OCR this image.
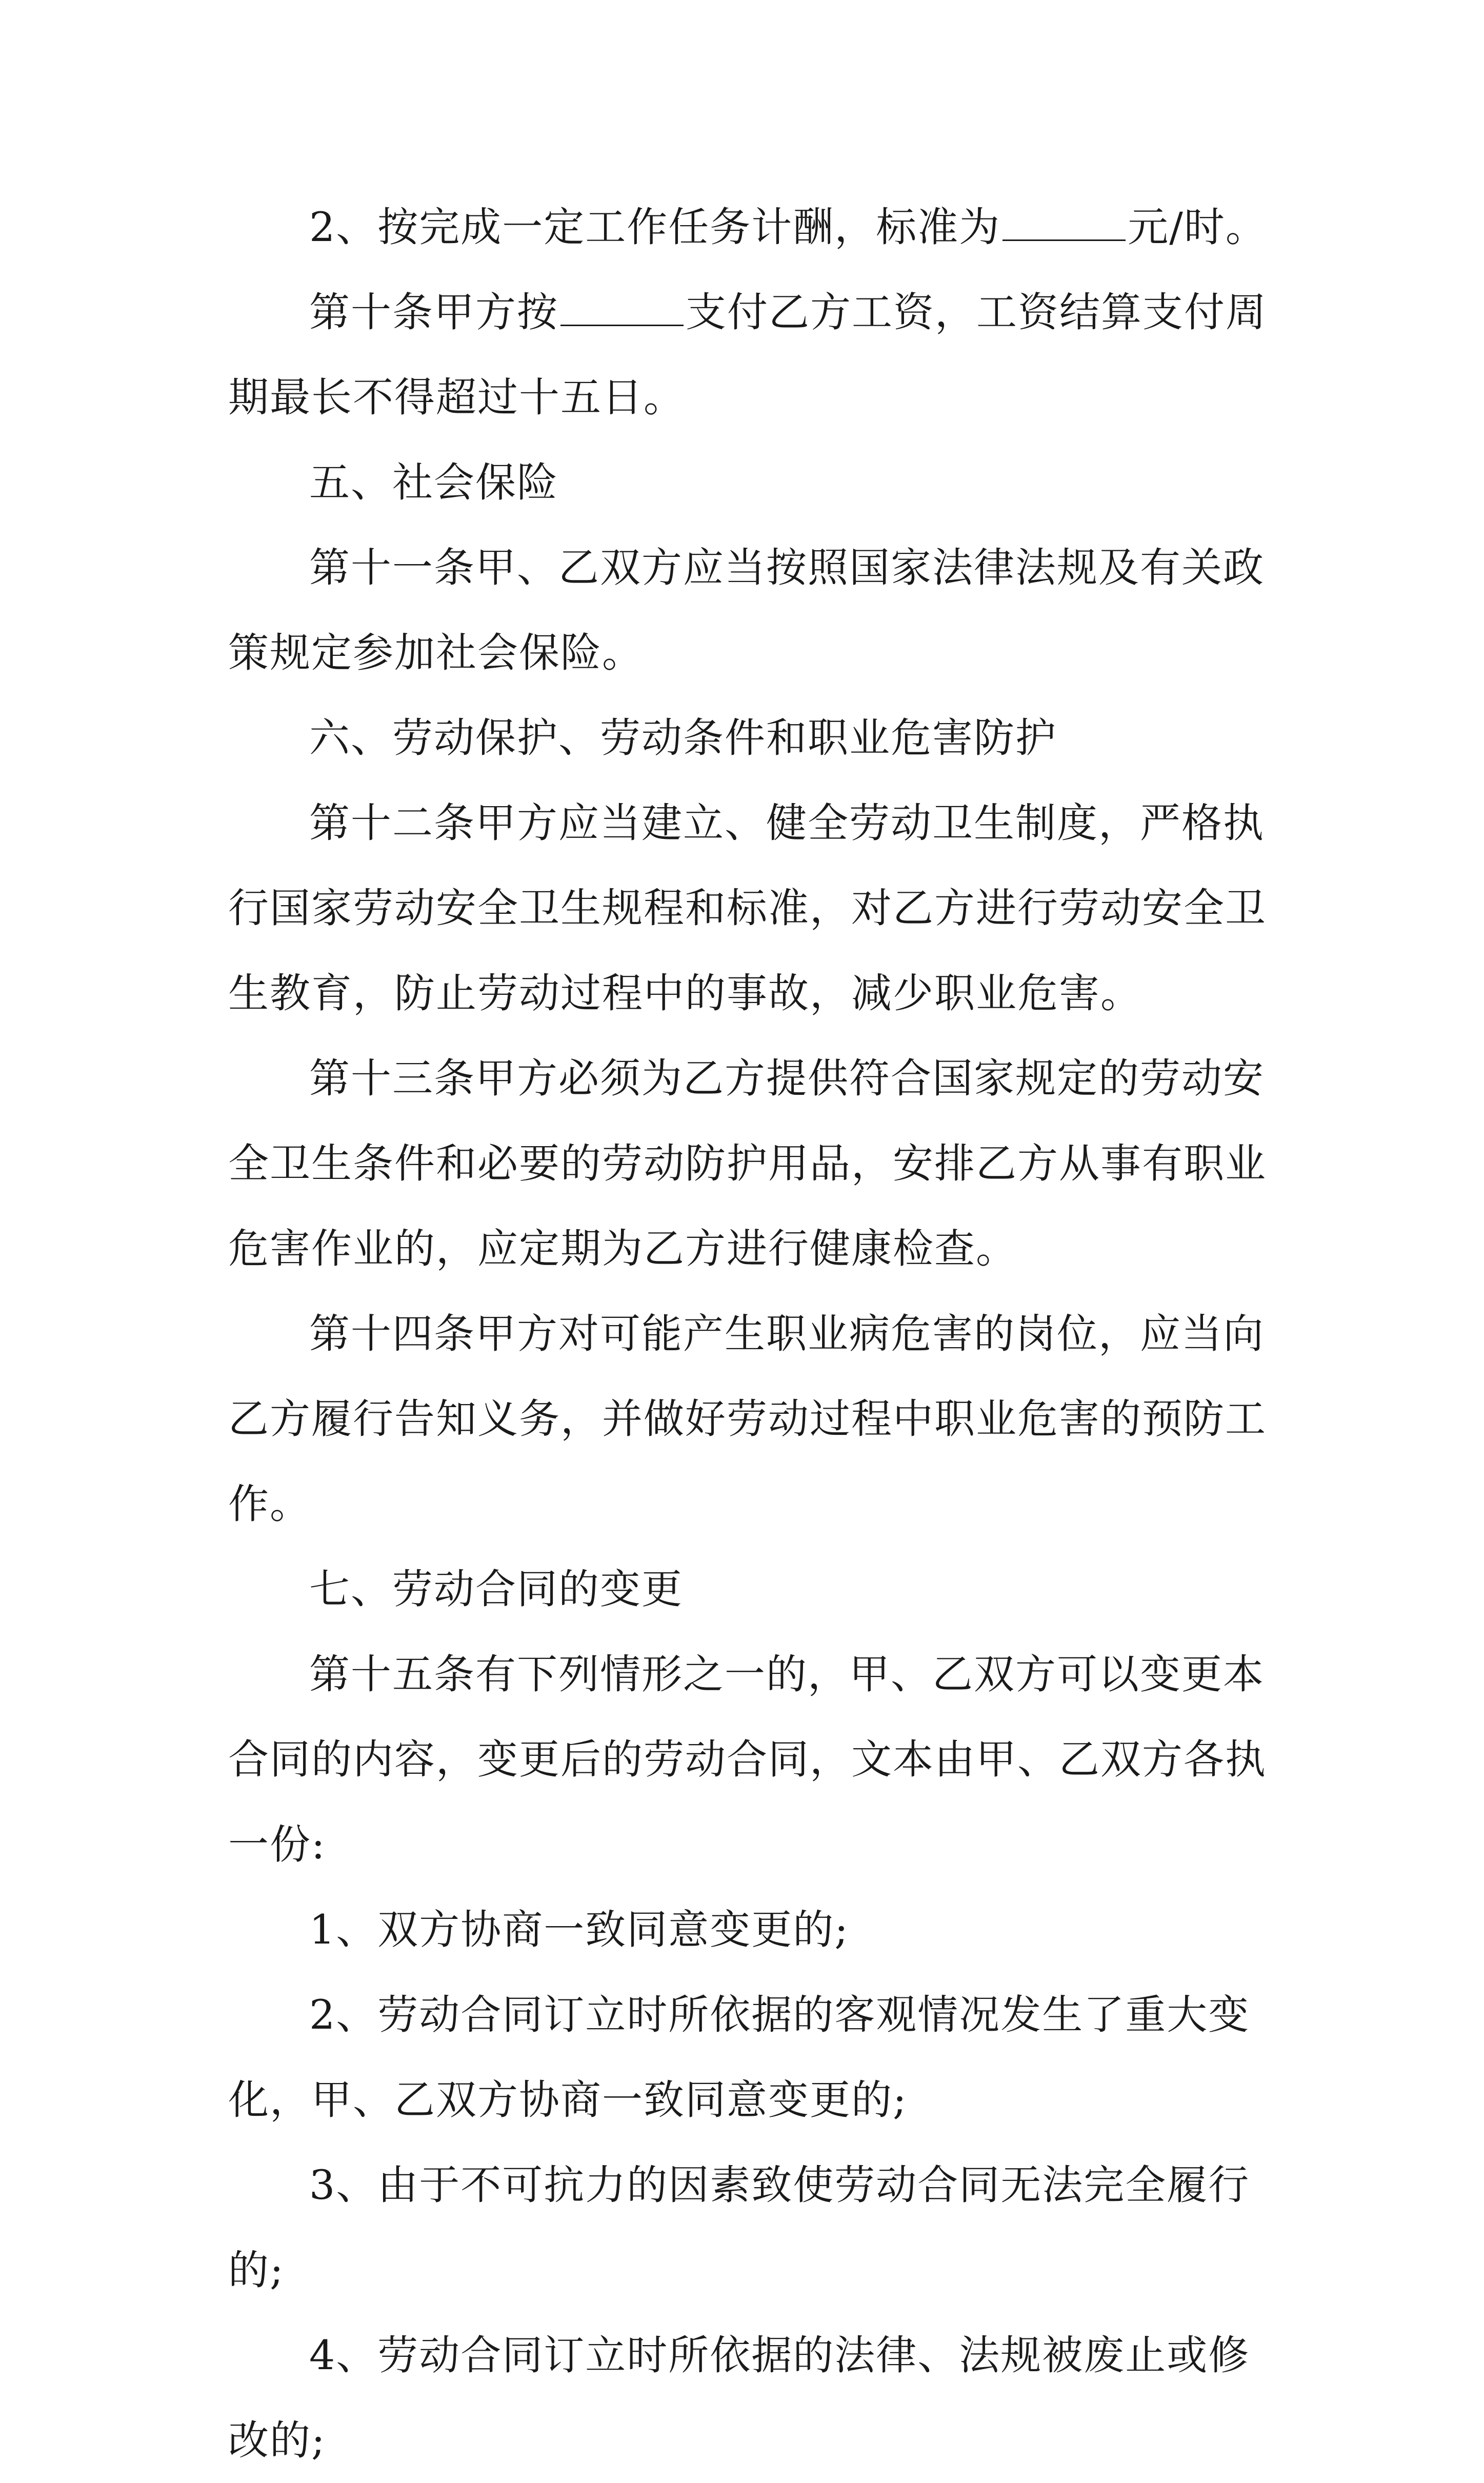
2、按完成一定工作任务计酬，标准为	元/时。

第十条甲方按	支付乙方工资，工资结算支付周期最长不得超过十五日。

五、社会保险

第十一条甲、乙双方应当按照国家法律法规及有关政策规定参加社会保险。

六、劳动保护、劳动条件和职业危害防护

第十二条甲方应当建立、健全劳动卫生制度，严格执行国家劳动安全卫生规程和标准，对乙方进行劳动安全卫生教育，防止劳动过程中的事故，减少职业危害。

第十三条甲方必须为乙方提供符合国家规定的劳动安全卫生条件和必要的劳动防护用品，安排乙方从事有职业危害作业的，应定期为乙方进行健康检查。

第十四条甲方对可能产生职业病危害的岗位，应当向乙方履行告知义务，并做好劳动过程中职业危害的预防工作。

七、劳动合同的变更

第十五条有下列情形之一的，甲、乙双方可以变更本合同的内容，变更后的劳动合同，文本由甲、乙双方各执一份:

1、双方协商一致同意变更的;

2、劳动合同订立时所依据的客观情况发生了重大变化，甲、乙双方协商一致同意变更的;

3、由于不可抗力的因素致使劳动合同无法完全履行的;

4、劳动合同订立时所依据的法律、法规被废止或修改的;
